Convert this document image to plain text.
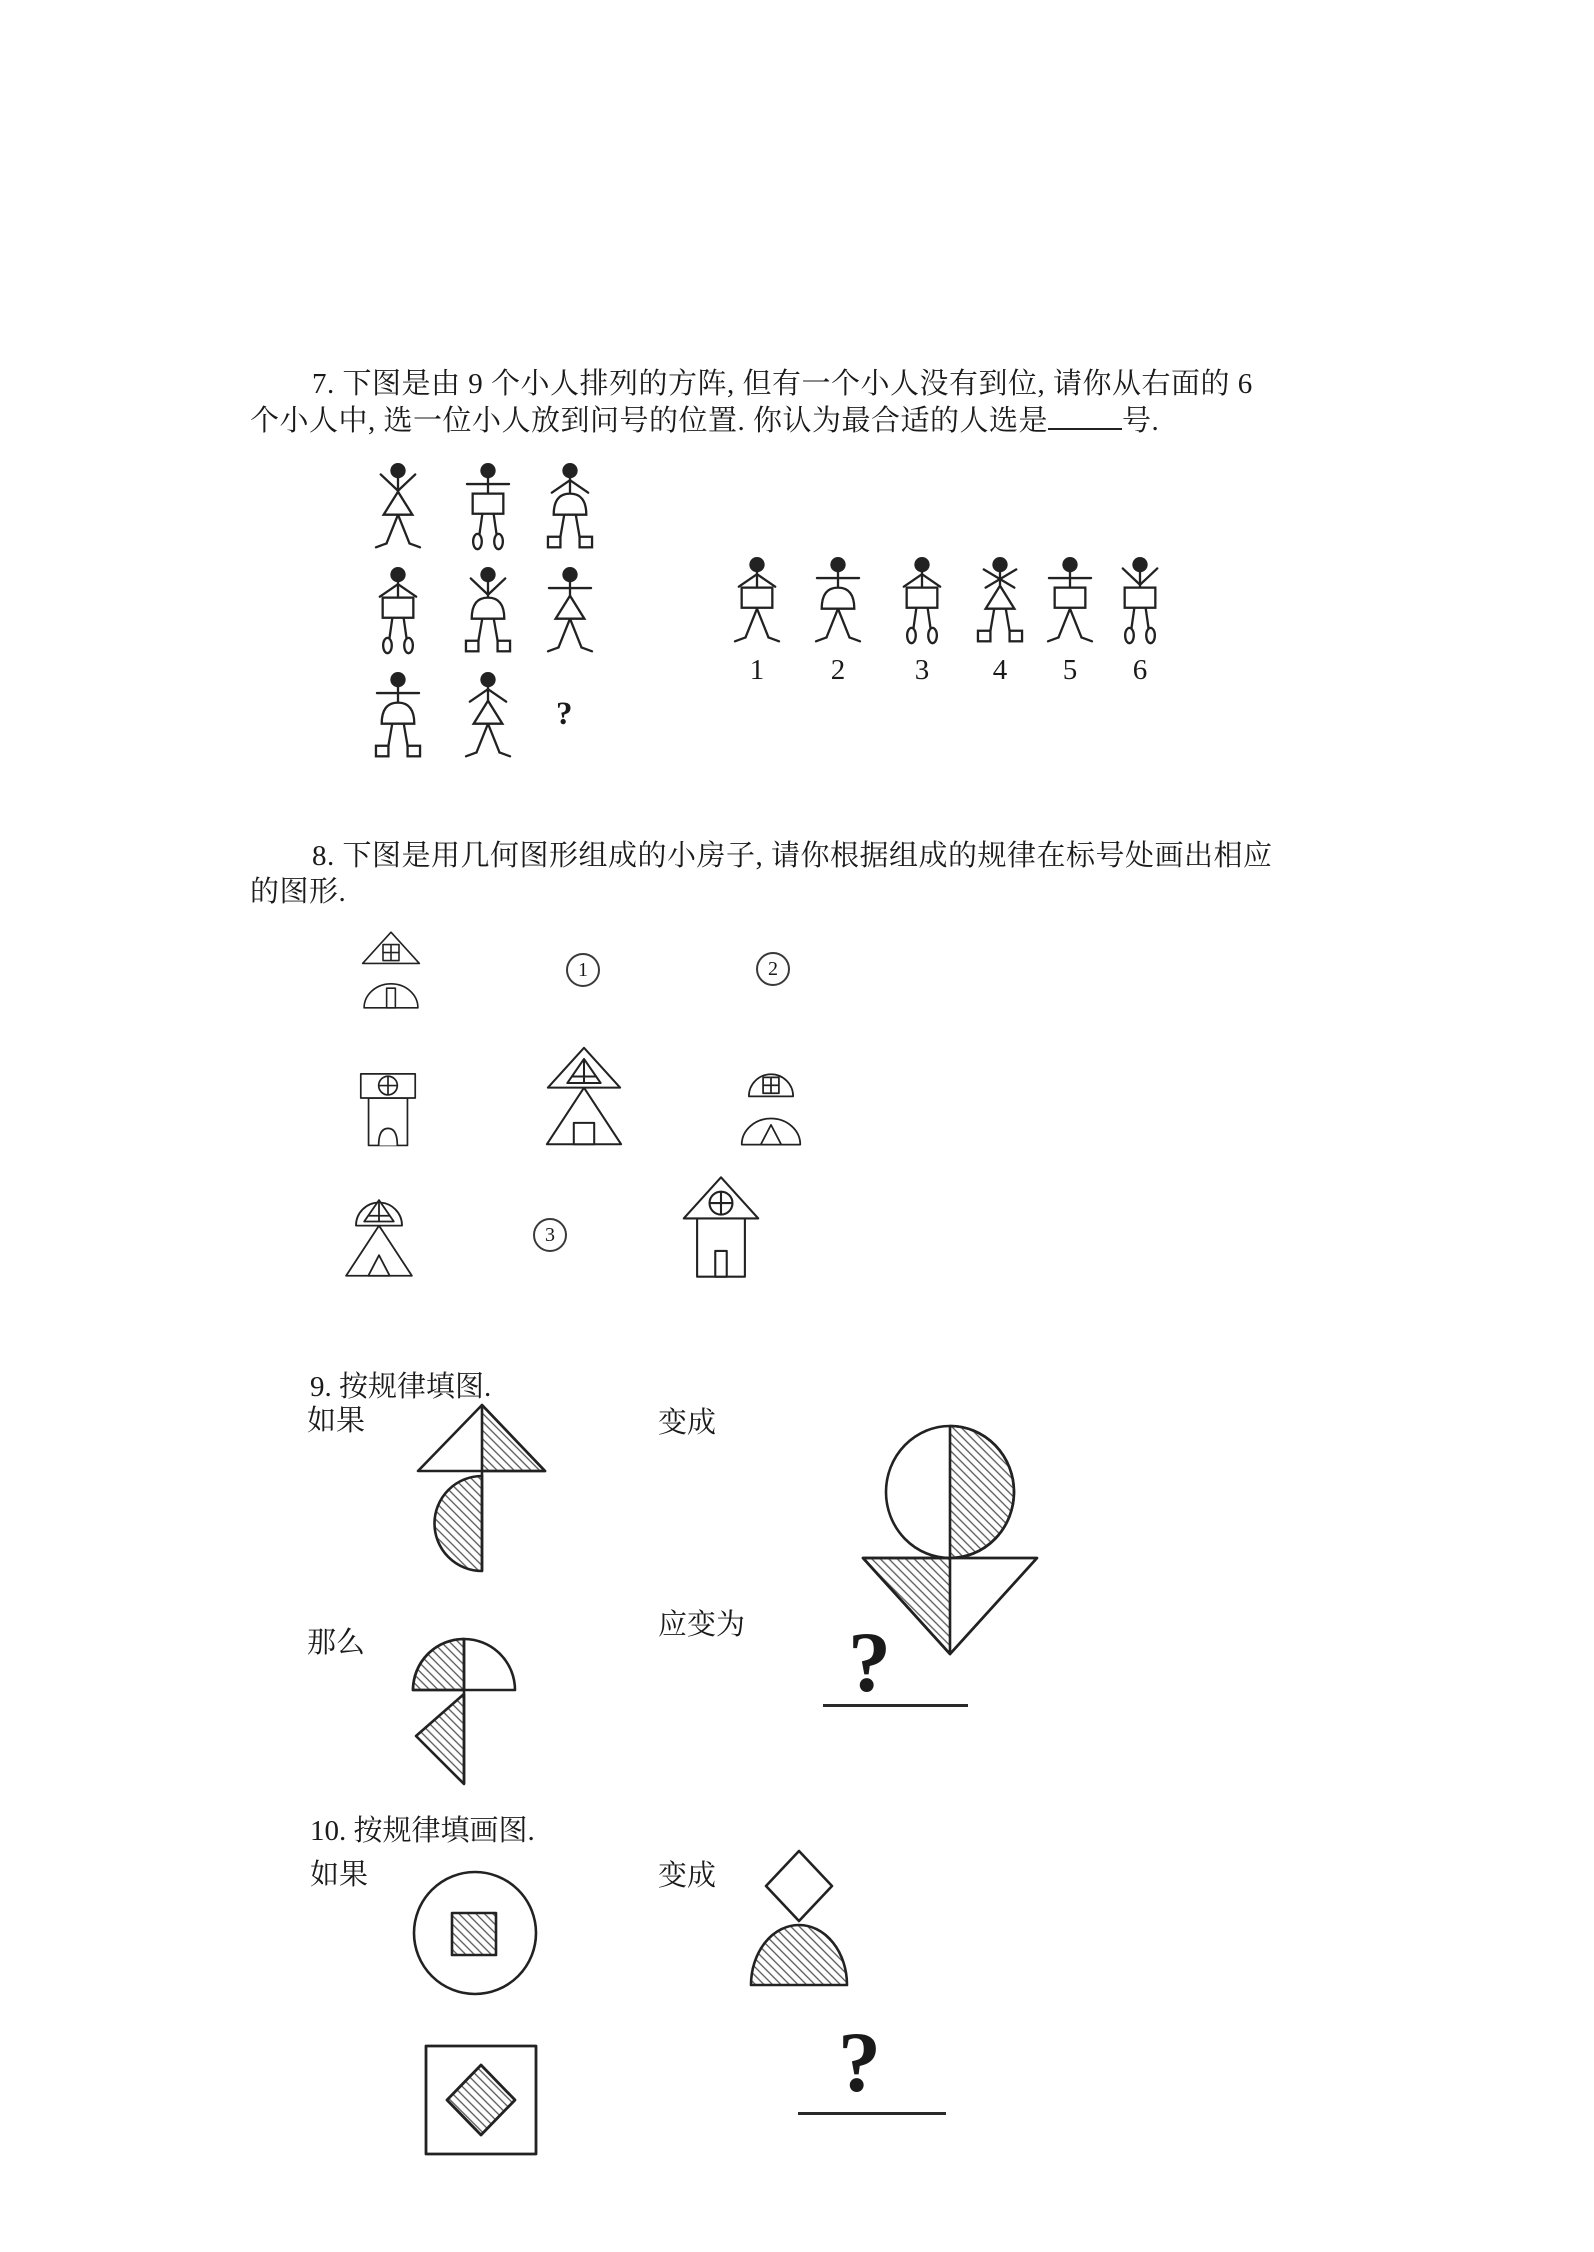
7. 下图是由 9 个小人排列的方阵, 但有一个小人没有到位, 请你从右面的 6
个小人中, 选一位小人放到问号的位置. 你认为最合适的人选是	号.
?
1	2	3	4	5	6
8. 下图是用几何图形组成的小房子, 请你根据组成的规律在标号处画出相应
的图形.
1	2
3
9. 按规律填图.
如果	变成
那么
应变为 ?
10. 按规律填画图.
如果	变成
?
